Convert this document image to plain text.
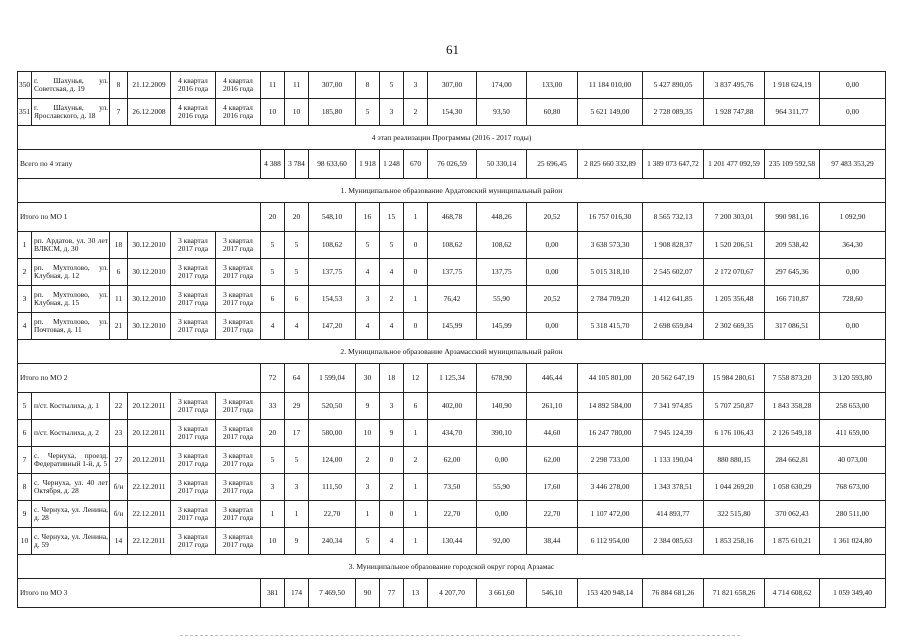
61
350	г. Шахунья, ул. Советская, д. 19	8	21.12.2009	4 квартал 2016 года	4 квартал 2016 года	11	11	307,00	8	5	3	307,00	174,00	133,00	11 184 010,00	5 427 890,05	3 837 495,76	1 918 624,19	0,00
351	г. Шахунья, ул. Ярославского, д. 18	7	26.12.2008	4 квартал 2016 года	4 квартал 2016 года	10	10	185,80	5	3	2	154,30	93,50	60,80	5 621 149,00	2 728 089,35	1 928 747,88	964 311,77	0,00
4 этап реализации Программы (2016 - 2017 годы)																			
Всего по 4 этапу						4 388	3 784	98 633,60	1 918	1 248	670	76 026,59	50 330,14	25 696,45	2 825 660 332,89	1 389 073 647,72	1 201 477 092,59	235 109 592,58	97 483 353,29
1. Муниципальное образование Ардатовский муниципальный район																			
Итого по МО 1						20	20	548,10	16	15	1	468,78	448,26	20,52	16 757 016,30	8 565 732,13	7 200 303,01	990 981,16	1 092,90
1	рп. Ардатов, ул. 30 лет ВЛКСМ, д. 30	18	30.12.2010	3 квартал 2017 года	3 квартал 2017 года	5	5	108,62	5	5	0	108,62	108,62	0,00	3 638 573,30	1 908 828,37	1 520 206,51	209 538,42	364,30
2	рп. Мухтолово, ул. Клубная, д. 12	6	30.12.2010	3 квартал 2017 года	3 квартал 2017 года	5	5	137,75	4	4	0	137,75	137,75	0,00	5 015 318,10	2 545 602,07	2 172 070,67	297 645,36	0,00
3	рп. Мухтолово, ул. Клубная, д. 15	11	30.12.2010	3 квартал 2017 года	3 квартал 2017 года	6	6	154,53	3	2	1	76,42	55,90	20,52	2 784 709,20	1 412 641,85	1 205 356,48	166 710,87	728,60
4	рп. Мухтолово, ул. Почтовая, д. 11	21	30.12.2010	3 квартал 2017 года	3 квартал 2017 года	4	4	147,20	4	4	0	145,99	145,99	0,00	5 318 415,70	2 698 659,84	2 302 669,35	317 086,51	0,00
2. Муниципальное образование Арзамасский муниципальный район																			
Итого по МО 2						72	64	1 599,04	30	18	12	1 125,34	678,90	446,44	44 105 801,00	20 562 647,19	15 984 280,61	7 558 873,20	3 120 593,80
5	п/ст. Костылиха, д. 1	22	20.12.2011	3 квартал 2017 года	3 квартал 2017 года	33	29	520,50	9	3	6	402,00	140,90	261,10	14 892 584,00	7 341 974,85	5 707 250,87	1 843 358,28	258 653,00
6	п/ст. Костылиха, д. 2	23	20.12.2011	3 квартал 2017 года	3 квартал 2017 года	20	17	580,00	10	9	1	434,70	390,10	44,60	16 247 780,00	7 945 124,39	6 176 106,43	2 126 549,18	411 659,00
7	с. Чернуха, проезд. Федеративный 1-й, д. 5	27	20.12.2011	3 квартал 2017 года	3 квартал 2017 года	5	5	124,00	2	0	2	62,00	0,00	62,00	2 298 733,00	1 133 190,04	880 880,15	284 662,81	40 073,00
8	с. Чернуха, ул. 40 лет Октября, д. 28	б/н	22.12.2011	3 квартал 2017 года	3 квартал 2017 года	3	3	111,50	3	2	1	73,50	55,90	17,60	3 446 278,00	1 343 378,51	1 044 269,20	1 058 630,29	768 673,00
9	с. Чернуха, ул. Ленина, д. 28	б/н	22.12.2011	3 квартал 2017 года	3 квартал 2017 года	1	1	22,70	1	0	1	22,70	0,00	22,70	1 107 472,00	414 893,77	322 515,80	370 062,43	280 511,00
10	с. Чернуха, ул. Ленина, д. 59	14	22.12.2011	3 квартал 2017 года	3 квартал 2017 года	10	9	240,34	5	4	1	130,44	92,00	38,44	6 112 954,00	2 384 085,63	1 853 258,16	1 875 610,21	1 361 024,80
3. Муниципальное образование городской округ город Арзамас																			
Итого по МО 3						381	174	7 469,50	90	77	13	4 207,70	3 661,60	546,10	153 420 948,14	76 884 681,26	71 821 658,26	4 714 608,62	1 059 349,40
